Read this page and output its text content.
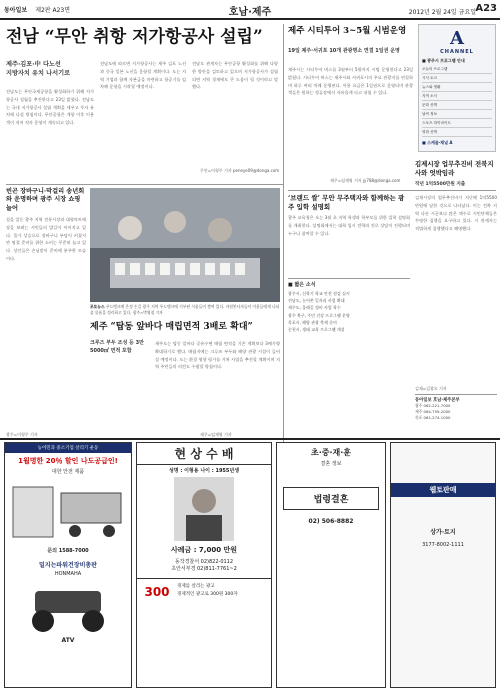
동아일보 제2판 A23면	호남·제주	2012년 2월 24일 금요일 A23
전남 “무안 취항 저가항공사 설립”
제주·김포·中 다노선
지방자치 유치 나서기로
전남도는 무안국제공항을 활성화하기 위해 저가항공사 설립을 추진한다고 23일 밝혔다. 전남도는 국내 저가항공사 설립 계획을 세우고 투자 유치에 나설 방침이다. 무안공항은 개항 이후 이용객이 적어 적자 운영이 계속되고 있다.
전남도에 따르면 저가항공사는 제주 김포 노선과 중국 일본 노선을 운항할 계획이다. 도는 지역 기업과 함께 자본금을 마련하고 항공기를 임차해 운항을 시작할 예정이다.
전남도 관계자는 무안공항 활성화를 위해 다양한 방안을 검토하고 있으며 저가항공사가 설립되면 지역 경제에도 큰 도움이 될 것이라고 말했다.
무안=이형주 기자 peneye09@donga.com
제주 시티투어 3~5월 시범운영
19일 제주·서귀포 10개 관광명소 연결 1일권 운영
제주시는 시티투어 버스를 3월부터 5월까지 시범 운영한다고 23일 밝혔다. 시티투어 버스는 제주시와 서귀포시의 주요 관광지를 연결하며 하루 여러 차례 운행된다. 이용 요금은 1일권으로 운영되며 관광객들은 원하는 정류장에서 자유롭게 타고 내릴 수 있다.
제주=임재영 기자 jy788@donga.com
A
CHANNEL
■ 광주시 프로그램 안내
오늘의 프로그램
시사 토크
뉴스와 생활
지역 소식
문화 산책
날씨 정보
스포츠 하이라이트
영화 산책
■ 스케줄·채널 A
빈곤 장바구니·막걸리 송년회와 운명하며 광주 시장 쇼핑 늘어
설을 앞둔 광주 지역 전통시장과 대형마트에 장을 보려는 시민들의 발길이 이어지고 있다. 물가 상승으로 장바구니 부담이 커졌지만 명절 준비를 위한 소비는 꾸준히 늘고 있다. 상인들은 손님맞이 준비에 분주한 모습이다.
광주=이형주 기자
포토뉴스 푸드뱅크에 온정 손길 광주 지역 푸드뱅크에 기부된 식품들이 쌓여 있다. 자원봉사자들이 이웃들에게 나눠줄 물품을 정리하고 있다. 광주=박영철 기자
제주 “탑동 앞바다 매립면적 3배로 확대”
크루즈 부두 조성 등 3만5000㎡ 면적 포함
제주도는 탑동 앞바다 공유수면 매립 면적을 기존 계획보다 3배가량 확대하기로 했다. 매립지에는 크루즈 부두와 해양 관광 시설이 들어설 예정이다. 도는 환경 영향 평가를 거쳐 사업을 추진할 계획이며 지역 주민들의 의견도 수렴할 방침이다.
제주=임재영 기자
‘브랜드 쌀’ 무안 무주택자와 함께하는 광주 입학 설명회
광주 교육청은 오는 3월 초 지역 학생과 학부모를 위한 입학 설명회를 개최한다. 설명회에서는 대학 입시 전략과 진로 상담이 진행되며 누구나 참여할 수 있다.
■ 짧은 소식
광주시, 신학기 학교 안전 점검 실시
전남도, 농어촌 일자리 사업 확대
제주도, 올레길 정비 사업 착수
광주 북구, 주민 건강 프로그램 운영
목포시, 해양 관광 축제 준비
순천시, 생태 교육 프로그램 개설
김제시장 업무추진비 전북지사와 엇박임라
작년 1억5500만원 지출
김제시장의 업무추진비가 지난해 1억5500만원에 달한 것으로 나타났다. 이는 전북 지역 다른 시군보다 많은 액수로 시민단체들은 투명한 집행을 요구하고 있다. 시 관계자는 적법하게 집행했다고 해명했다.
김제=김광오 기자
동아일보 호남·제주본부
광주 062-221-7000
제주 064-759-2000
목포 061-274-1000
농어민과 중소기업 살리기 운동
1월명한 20％ 할인 나도공급인!
대한 안전 제품
문의 1588-7000
밀지는파워건장비총판
HONMAHA
ATV
현 상 수 배
성명 : 이형용 나이 : 1955년생
사례금 : 7,000 만원
동작경찰서 02)822-0112
초안서부경 02)811-7761~2
300	경제를 살리는 광고
경제적인 광고로 300원 300자
초·중·재·훈
결혼 정보
법령결혼
02) 506-8882
웹토판매
상가·토지
3177-8002-1111
